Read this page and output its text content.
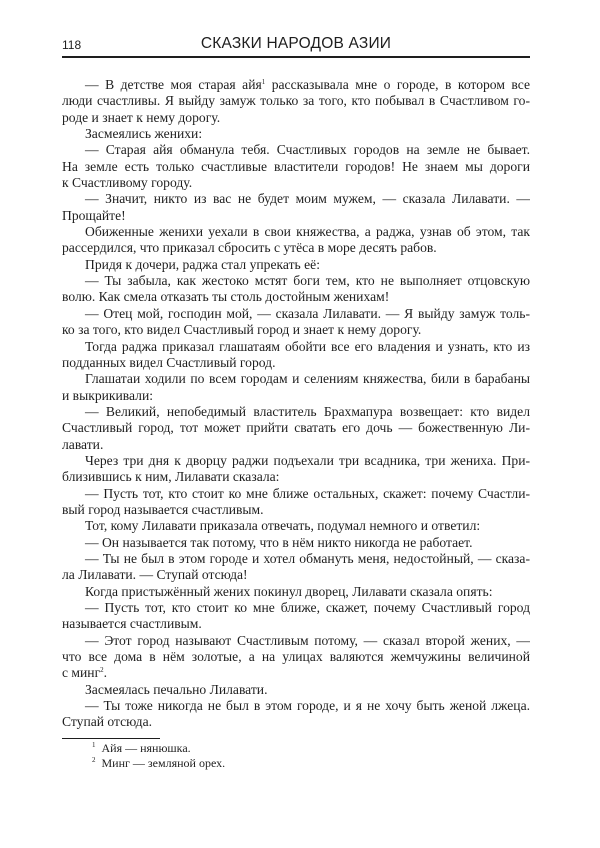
118	СКАЗКИ НАРОДОВ АЗИИ
— В детстве моя старая айя$^1$ рассказывала мне о городе, в котором все
люди счастливы. Я выйду замуж только за того, кто побывал в Счастливом го-
роде и знает к нему дорогу.
Засмеялись женихи:
— Старая айя обманула тебя. Счастливых городов на земле не бывает.
На земле есть только счастливые властители городов! Не знаем мы дороги
к Счастливому городу.
— Значит, никто из вас не будет моим мужем, — сказала Лилавати. —
Прощайте!
Обиженные женихи уехали в свои княжества, а раджа, узнав об этом, так
рассердился, что приказал сбросить с утёса в море десять рабов.
Придя к дочери, раджа стал упрекать её:
— Ты забыла, как жестоко мстят боги тем, кто не выполняет отцовскую
волю. Как смела отказать ты столь достойным женихам!
— Отец мой, господин мой, — сказала Лилавати. — Я выйду замуж толь-
ко за того, кто видел Счастливый город и знает к нему дорогу.
Тогда раджа приказал глашатаям обойти все его владения и узнать, кто из
подданных видел Счастливый город.
Глашатаи ходили по всем городам и селениям княжества, били в барабаны
и выкрикивали:
— Великий, непобедимый властитель Брахмапура возвещает: кто видел
Счастливый город, тот может прийти сватать его дочь — божественную Ли-
лавати.
Через три дня к дворцу раджи подъехали три всадника, три жениха. При-
близившись к ним, Лилавати сказала:
— Пусть тот, кто стоит ко мне ближе остальных, скажет: почему Счастли-
вый город называется счастливым.
Тот, кому Лилавати приказала отвечать, подумал немного и ответил:
— Он называется так потому, что в нём никто никогда не работает.
— Ты не был в этом городе и хотел обмануть меня, недостойный, — сказа-
ла Лилавати. — Ступай отсюда!
Когда пристыжённый жених покинул дворец, Лилавати сказала опять:
— Пусть тот, кто стоит ко мне ближе, скажет, почему Счастливый город
называется счастливым.
— Этот город называют Счастливым потому, — сказал второй жених, —
что все дома в нём золотые, а на улицах валяются жемчужины величиной
с минг$^2$.
Засмеялась печально Лилавати.
— Ты тоже никогда не был в этом городе, и я не хочу быть женой лжеца.
Ступай отсюда.
$^1$ Айя — нянюшка.
$^2$ Минг — земляной орех.
